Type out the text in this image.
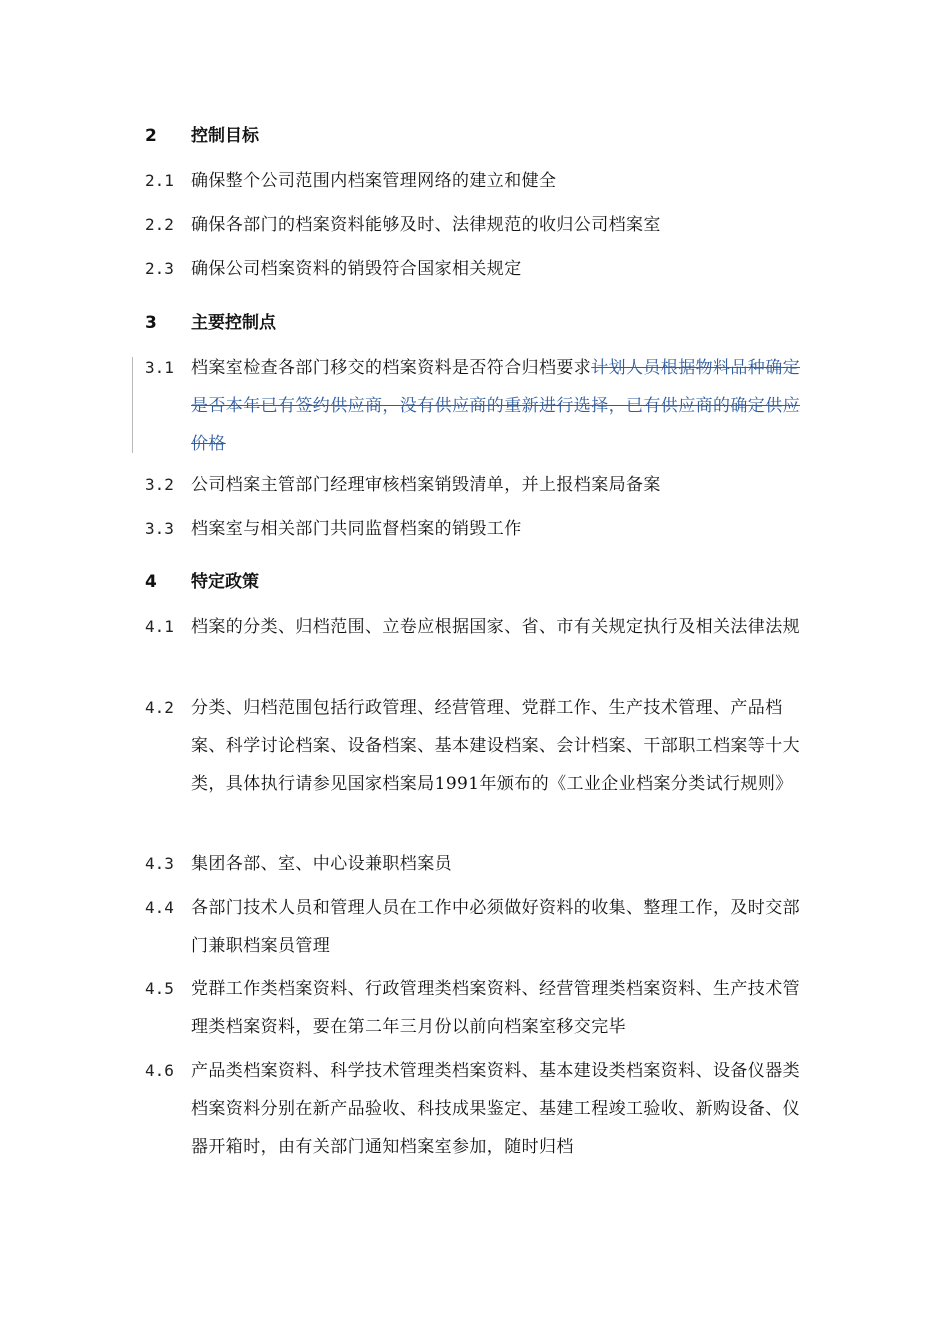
2 控制目标
2.1 确保整个公司范围内档案管理网络的建立和健全
2.2 确保各部门的档案资料能够及时、法律规范的收归公司档案室
2.3 确保公司档案资料的销毁符合国家相关规定
3 主要控制点
3.1 档案室检查各部门移交的档案资料是否符合归档要求计划人员根据物料品种确定是否本年已有签约供应商，没有供应商的重新进行选择，已有供应商的确定供应价格
3.2 公司档案主管部门经理审核档案销毁清单，并上报档案局备案
3.3 档案室与相关部门共同监督档案的销毁工作
4 特定政策
4.1 档案的分类、归档范围、立卷应根据国家、省、市有关规定执行及相关法律法规
4.2 分类、归档范围包括行政管理、经营管理、党群工作、生产技术管理、产品档案、科学讨论档案、设备档案、基本建设档案、会计档案、干部职工档案等十大类，具体执行请参见国家档案局1991年颁布的《工业企业档案分类试行规则》
4.3 集团各部、室、中心设兼职档案员
4.4 各部门技术人员和管理人员在工作中必须做好资料的收集、整理工作，及时交部门兼职档案员管理
4.5 党群工作类档案资料、行政管理类档案资料、经营管理类档案资料、生产技术管理类档案资料，要在第二年三月份以前向档案室移交完毕
4.6 产品类档案资料、科学技术管理类档案资料、基本建设类档案资料、设备仪器类档案资料分别在新产品验收、科技成果鉴定、基建工程竣工验收、新购设备、仪器开箱时，由有关部门通知档案室参加，随时归档
